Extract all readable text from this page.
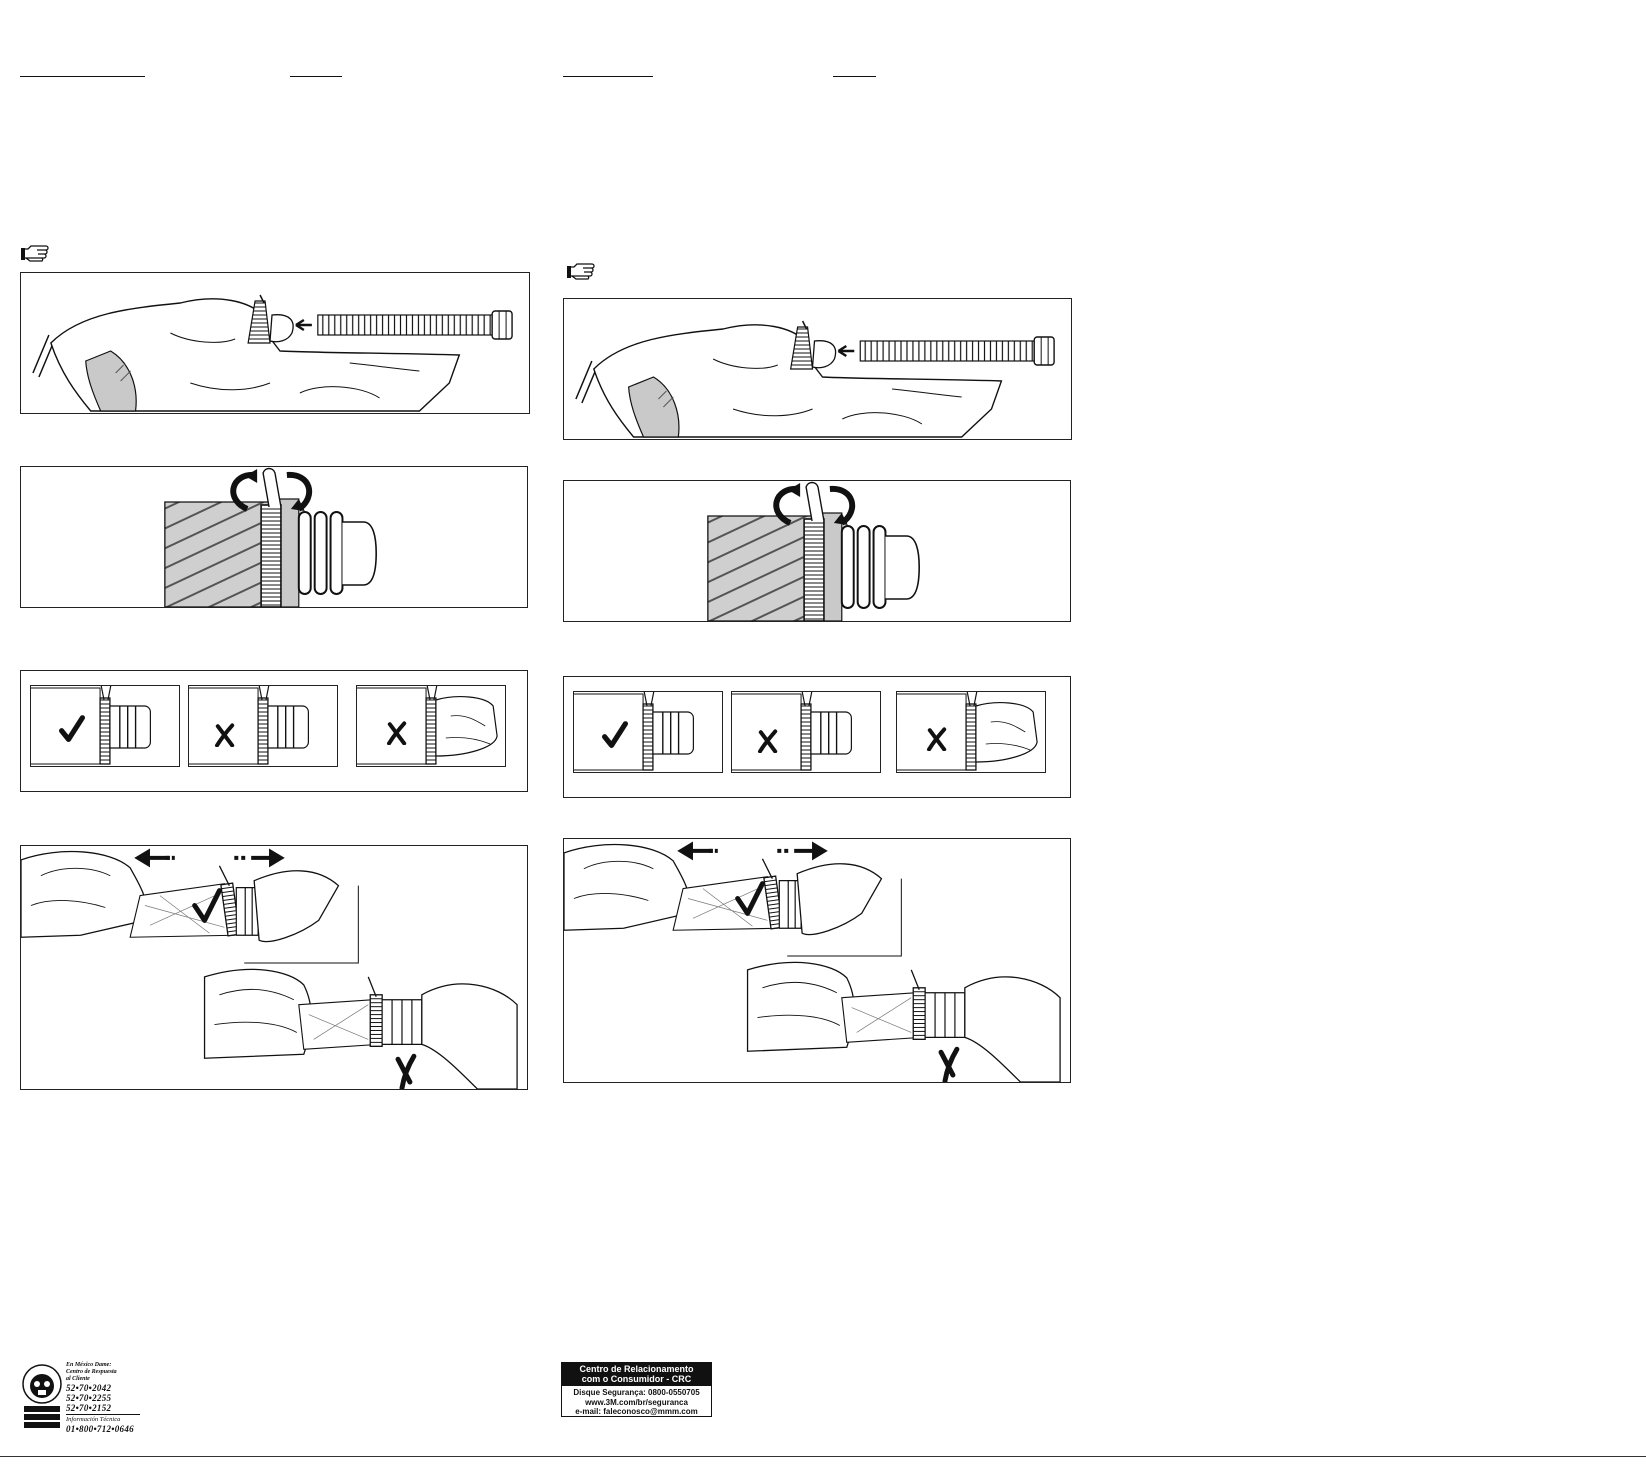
En México Dame:
Centro de Respuesta
al Cliente
52•70•2042
52•70•2255
52•70•2152
Información Técnica
01•800•712•0646
Centro de Relacionamento
com o Consumidor - CRC
Disque Segurança: 0800-0550705
www.3M.com/br/seguranca
e-mail: faleconosco@mmm.com
